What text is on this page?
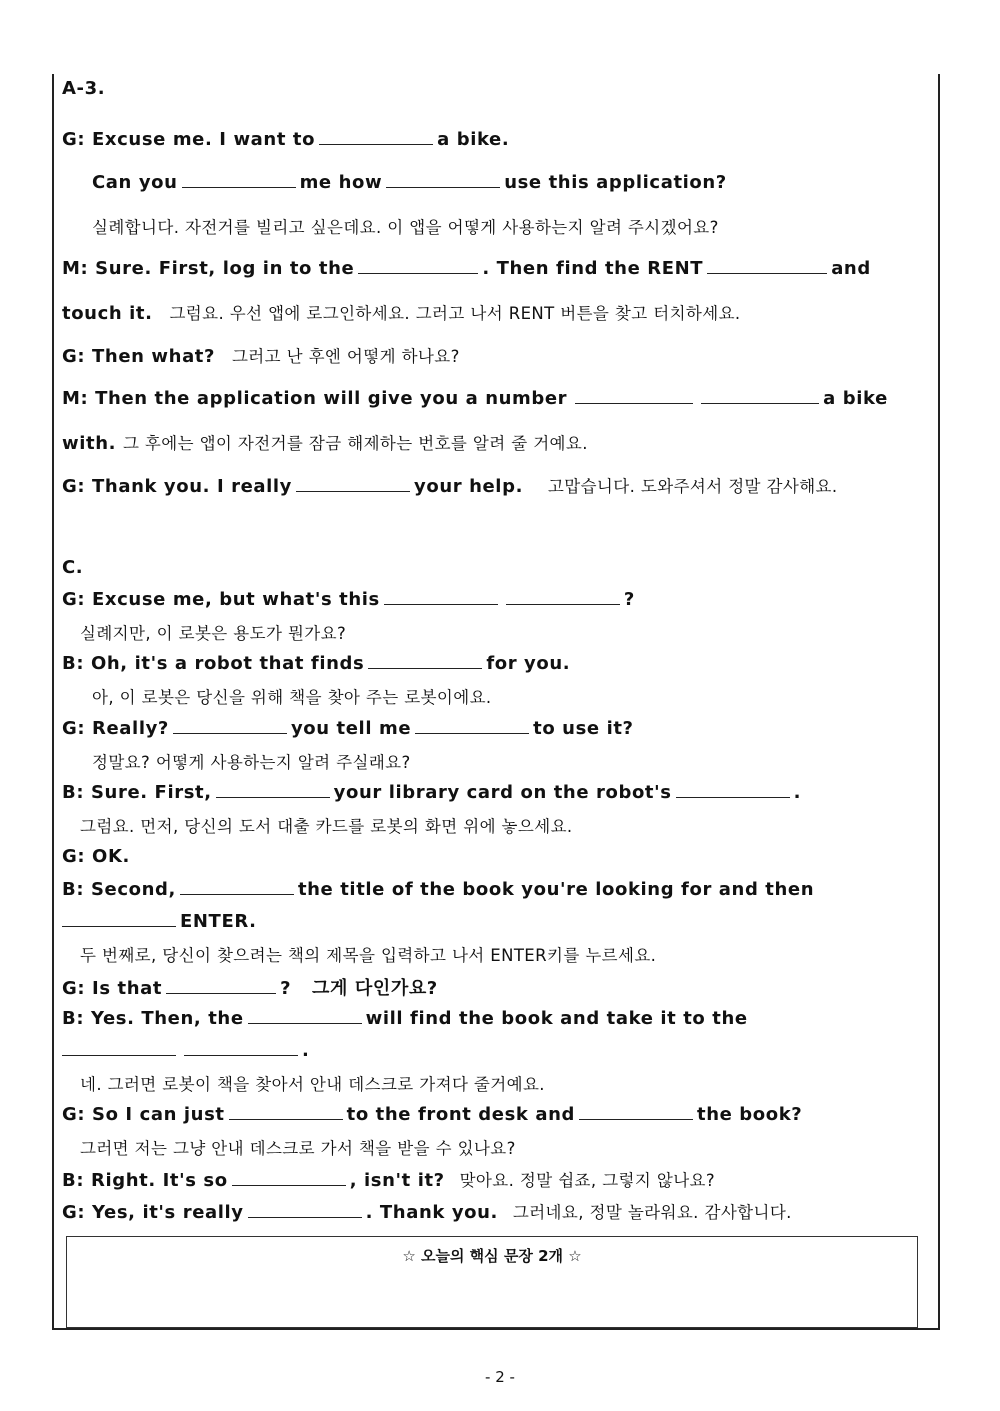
A-3.
G: Excuse me. I want to	a bike.
Can you	me how	use this application?
실례합니다. 자전거를 빌리고 싶은데요. 이 앱을 어떻게 사용하는지 알려 주시겠어요?
M: Sure. First, log in to the	. Then find the RENT	and
touch it. 그럼요. 우선 앱에 로그인하세요. 그러고 나서 RENT 버튼을 찾고 터치하세요.
G: Then what? 그러고 난 후엔 어떻게 하나요?
M: Then the application will give you a number	a bike
with. 그 후에는 앱이 자전거를 잠금 해제하는 번호를 알려 줄 거예요.
G: Thank you. I really	your help. 고맙습니다. 도와주셔서 정말 감사해요.
C.
G: Excuse me, but what's this	?
실례지만, 이 로봇은 용도가 뭔가요?
B: Oh, it's a robot that finds	for you.
아, 이 로봇은 당신을 위해 책을 찾아 주는 로봇이에요.
G: Really?	you tell me	to use it?
정말요? 어떻게 사용하는지 알려 주실래요?
B: Sure. First,	your library card on the robot's	.
그럼요. 먼저, 당신의 도서 대출 카드를 로봇의 화면 위에 놓으세요.
G: OK.
B: Second,	the title of the book you're looking for and then
ENTER.
두 번째로, 당신이 찾으려는 책의 제목을 입력하고 나서 ENTER키를 누르세요.
G: Is that	? 그게 다인가요?
B: Yes. Then, the	will find the book and take it to the
.
네. 그러면 로봇이 책을 찾아서 안내 데스크로 가져다 줄거예요.
G: So I can just	to the front desk and	the book?
그러면 저는 그냥 안내 데스크로 가서 책을 받을 수 있나요?
B: Right. It's so	, isn't it? 맞아요. 정말 쉽죠, 그렇지 않나요?
G: Yes, it's really	. Thank you. 그러네요, 정말 놀라워요. 감사합니다.
☆ 오늘의 핵심 문장 2개 ☆
- 2 -
